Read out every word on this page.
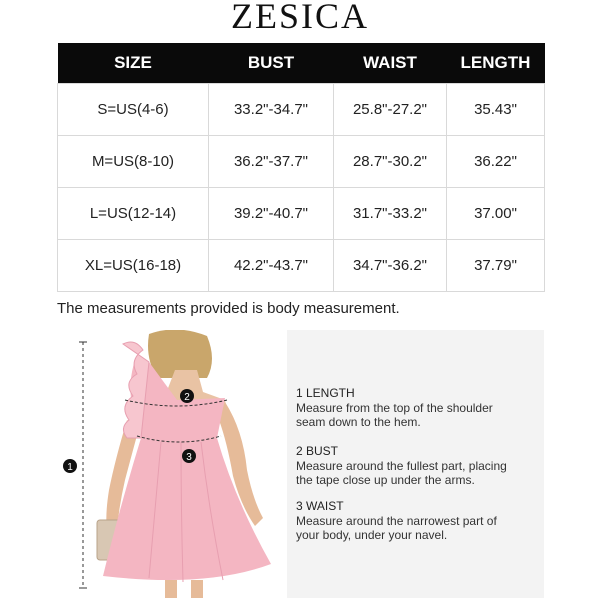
ZESICA
SIZE	BUST	WAIST	LENGTH
S=US(4-6)	33.2"-34.7"	25.8"-27.2"	35.43"
M=US(8-10)	36.2"-37.7"	28.7"-30.2"	36.22"
L=US(12-14)	39.2"-40.7"	31.7"-33.2"	37.00"
XL=US(16-18)	42.2"-43.7"	34.7"-36.2"	37.79"
The measurements provided is body measurement.
1
2
3
1 LENGTH
Measure from the top of the shoulder
seam down to the hem.
2 BUST
Measure around the fullest part, placing
the tape close up under the arms.
3 WAIST
Measure around the narrowest part of
your body, under your navel.
